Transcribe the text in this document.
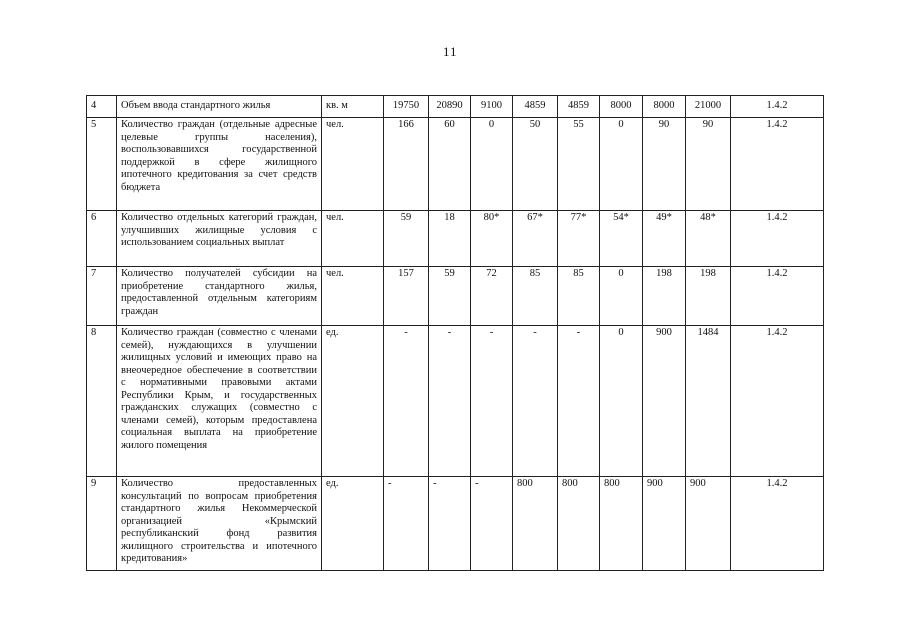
11
4	Объем ввода стандартного жилья	кв. м	19750	20890	9100	4859	4859	8000	8000	21000	1.4.2
5	Количество граждан (отдельные адресные целевые группы населения), воспользовавшихся государственной поддержкой в сфере жилищного ипотечного кредитования за счет средств бюджета	чел.	166	60	0	50	55	0	90	90	1.4.2
6	Количество отдельных категорий граждан, улучшивших жилищные условия с использованием социальных выплат	чел.	59	18	80*	67*	77*	54*	49*	48*	1.4.2
7	Количество получателей субсидии на приобретение стандартного жилья, предоставленной отдельным категориям граждан	чел.	157	59	72	85	85	0	198	198	1.4.2
8	Количество граждан (совместно с членами семей), нуждающихся в улучшении жилищных условий и имеющих право на внеочередное обеспечение в соответствии с нормативными правовыми актами Республики Крым, и государственных гражданских служащих (совместно с членами семей), которым предоставлена социальная выплата на приобретение жилого помещения	ед.	-	-	-	-	-	0	900	1484	1.4.2
9	Количество предоставленных консультаций по вопросам приобретения стандартного жилья Некоммерческой организацией «Крымский республиканский фонд развития жилищного строительства и ипотечного кредитования»	ед.	-	-	-	800	800	800	900	900	1.4.2
